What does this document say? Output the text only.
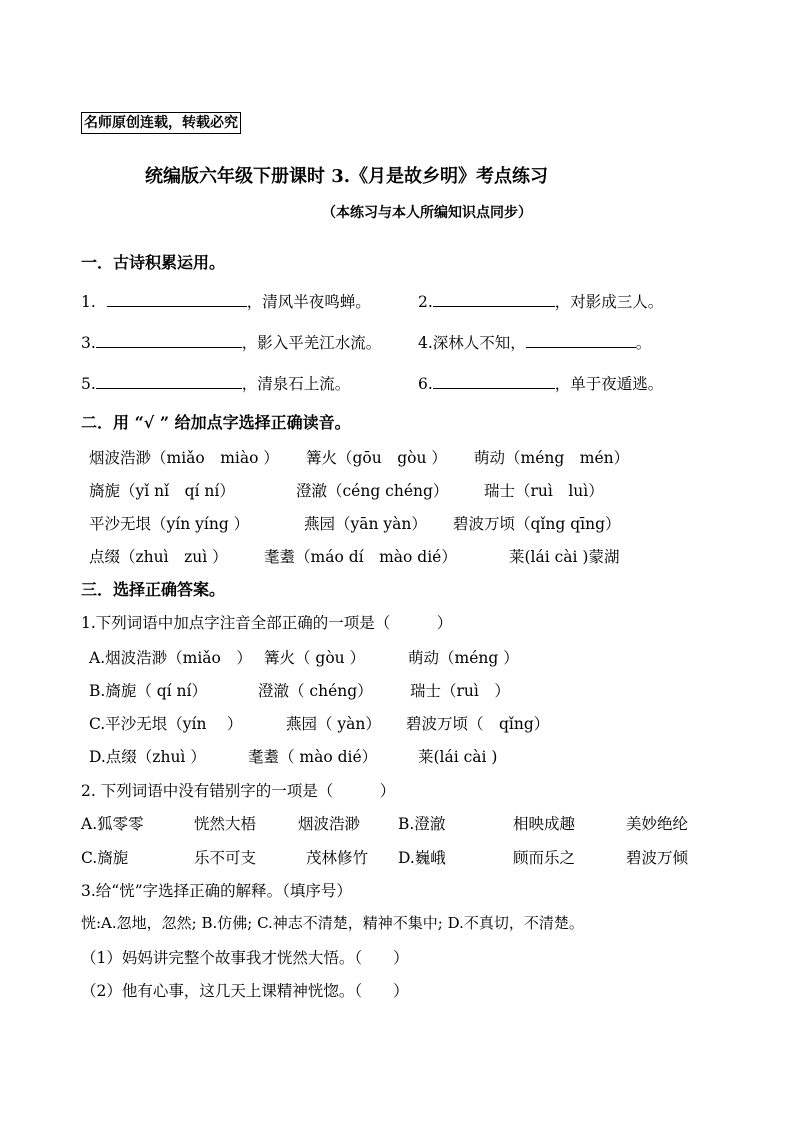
名师原创连载，转载必究
统编版六年级下册课时 3.《月是故乡明》考点练习
（本练习与本人所编知识点同步）
一．古诗积累运用。
1.	，清风半夜鸣蝉。	2.	，对影成三人。
3.	，影入平羌江水流。 4.深林人不知，	。
5.	，清泉石上流。	6.	，单于夜遁逃。
二．用 “√ ” 给加点字选择正确读音。
烟波浩渺（miǎo　miào ） 篝火（gōu　gòu ） 萌动（méng　mén）
旖旎（yǐ nǐ　qí ní）	澄澈（céng chéng） 瑞士（ruì　luì）
平沙无垠（yín yíng ）	燕园（yān yàn） 碧波万顷（qǐng qīng）
点缀（zhuì　zuì ） 耄耋（máo dí　mào dié）	莱(lái cài )蒙湖
三．选择正确答案。
1.下列词语中加点字注音全部正确的一项是（　　　）
A.烟波浩渺（miǎo　） 篝火（ gòu ）	萌动（méng ）
B.旖旎（ qí ní）	澄澈（ chéng） 瑞士（ruì　）
C.平沙无垠（yín　 ）	燕园（ yàn） 碧波万顷（　qǐng）
D.点缀（zhuì ）	耄耋（ mào dié）	莱(lái cài )
2. 下列词语中没有错别字的一项是（　　　）
A.狐零零	恍然大梧	烟波浩渺 B.澄澈	相映成趣	美妙绝纶
C.旖旎	乐不可支	茂林修竹 D.巍峨	顾而乐之	碧波万倾
3.给“恍”字选择正确的解释。（填序号）
恍:A.忽地，忽然; B.仿佛; C.神志不清楚，精神不集中; D.不真切，不清楚。
（1）妈妈讲完整个故事我才恍然大悟。（　　）
（2）他有心事，这几天上课精神恍惚。（　　）
